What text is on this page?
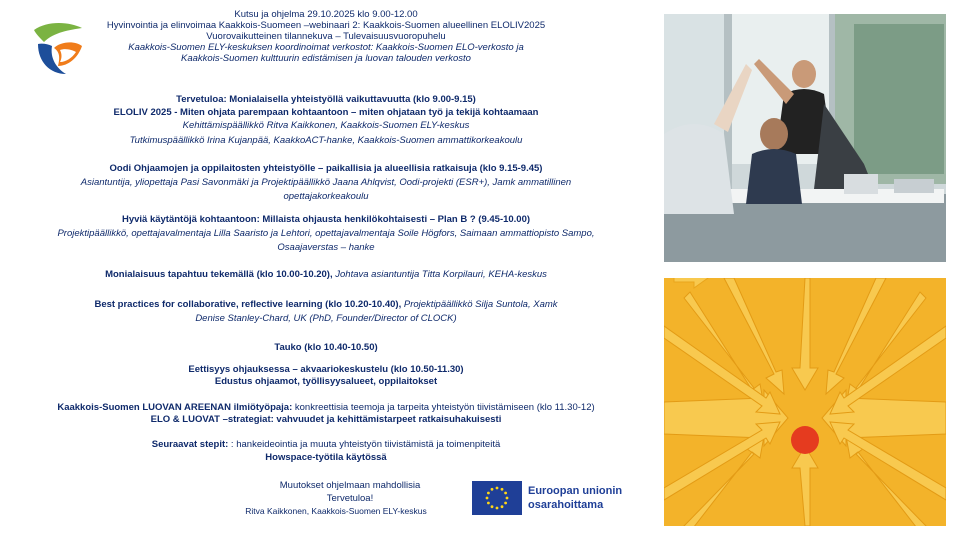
Kutsu ja ohjelma 29.10.2025 klo 9.00-12.00
Hyvinvointia ja elinvoimaa Kaakkois-Suomeen –webinaari 2: Kaakkois-Suomen alueellinen ELOLIV2025
Vuorovaikutteinen tilannekuva – Tulevaisuusvuoropuhelu
Kaakkois-Suomen ELY-keskuksen koordinoimat verkostot: Kaakkois-Suomen ELO-verkosto ja
Kaakkois-Suomen kulttuurin edistämisen ja luovan talouden verkosto
Tervetuloa: Monialaisella yhteistyöllä vaikuttavuutta (klo 9.00-9.15)
ELOLIV 2025 - Miten ohjata parempaan kohtaantoon – miten ohjataan työ ja tekijä kohtaamaan
Kehittämispäällikkö Ritva Kaikkonen, Kaakkois-Suomen ELY-keskus
Tutkimuspäällikkö Irina Kujanpää, KaakkoACT-hanke, Kaakkois-Suomen ammattikorkeakoulu
Oodi Ohjaamojen ja oppilaitosten yhteistyölle – paikallisia ja alueellisia ratkaisuja (klo 9.15-9.45)
Asiantuntija, yliopettaja Pasi Savonmäki ja Projektipäällikkö Jaana Ahlqvist, Oodi-projekti (ESR+), Jamk ammatillinen
opettajakorkeakoulu
Hyviä käytäntöjä kohtaantoon: Millaista ohjausta henkilökohtaisesti – Plan B ? (9.45-10.00)
Projektipäällikkö, opettajavalmentaja Lilla Saaristo ja Lehtori, opettajavalmentaja Soile Högfors, Saimaan ammattiopisto Sampo,
Osaajaverstas – hanke
Monialaisuus tapahtuu tekemällä (klo 10.00-10.20), Johtava asiantuntija Titta Korpilauri, KEHA-keskus
Best practices for collaborative, reflective learning (klo 10.20-10.40), Projektipäällikkö Silja Suntola, Xamk
Denise Stanley-Chard, UK (PhD, Founder/Director of CLOCK)
Tauko (klo 10.40-10.50)
Eettisyys ohjauksessa – akvaariokeskustelu (klo 10.50-11.30)
Edustus ohjaamot, työllisyysalueet, oppilaitokset
Kaakkois-Suomen LUOVAN AREENAN ilmiötyöpaja: konkreettisia teemoja ja tarpeita yhteistyön tiivistämiseen (klo 11.30-12)
ELO & LUOVAT –strategiat: vahvuudet ja kehittämistarpeet ratkaisuhakuisesti
Seuraavat stepit: : hankeideointia ja muuta yhteistyön tiivistämistä ja toimenpiteitä
Howspace-työtila käytössä
Muutokset ohjelmaan mahdollisia
Tervetuloa!
Ritva Kaikkonen, Kaakkois-Suomen ELY-keskus
Euroopan unionin
osarahoittama
